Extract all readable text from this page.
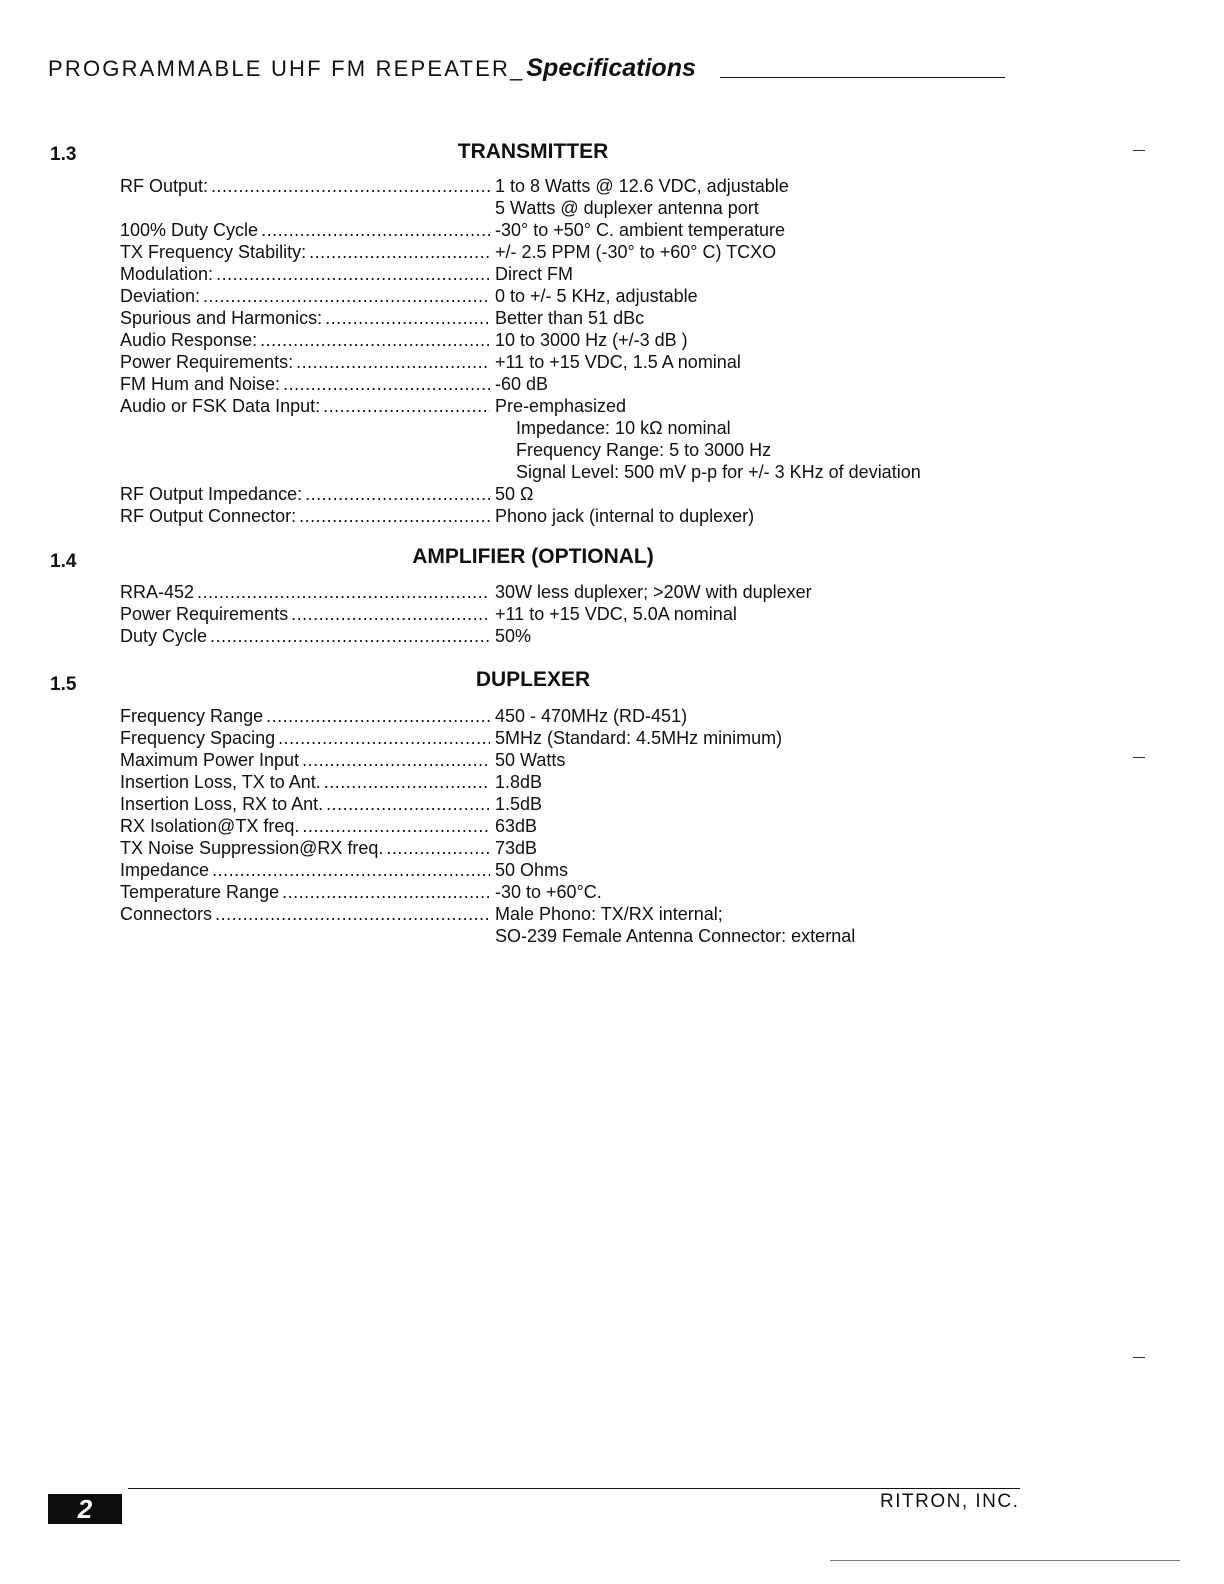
PROGRAMMABLE UHF FM REPEATER_ Specifications
1.3	TRANSMITTER
RF Output: .....	1 to 8 Watts @ 12.6 VDC, adjustable
5 Watts @ duplexer antenna port
100% Duty Cycle .....	-30° to +50° C. ambient temperature
TX Frequency Stability: .....	+/- 2.5 PPM (-30° to +60° C) TCXO
Modulation: .....	Direct FM
Deviation: .....	0 to +/- 5 KHz, adjustable
Spurious and Harmonics: .....	Better than 51 dBc
Audio Response: .....	10 to 3000 Hz (+/-3 dB )
Power Requirements: .....	+11 to +15 VDC, 1.5 A nominal
FM Hum and Noise: .....	-60 dB
Audio or FSK Data Input: .....	Pre-emphasized
Impedance: 10 kΩ nominal
Frequency Range: 5 to 3000 Hz
Signal Level: 500 mV p-p for +/- 3 KHz of deviation
RF Output Impedance: .....	50 Ω
RF Output Connector: .....	Phono jack (internal to duplexer)
1.4	AMPLIFIER (OPTIONAL)
RRA-452 .....	30W less duplexer; >20W with duplexer
Power Requirements .....	+11 to +15 VDC, 5.0A nominal
Duty Cycle .....	50%
1.5	DUPLEXER
Frequency Range .....	450 - 470MHz (RD-451)
Frequency Spacing .....	5MHz (Standard: 4.5MHz minimum)
Maximum Power Input .....	50 Watts
Insertion Loss, TX to Ant. .....	1.8dB
Insertion Loss, RX to Ant. .....	1.5dB
RX Isolation@TX freq. .....	63dB
TX Noise Suppression@RX freq. .....	73dB
Impedance .....	50 Ohms
Temperature Range .....	-30 to +60°C.
Connectors .....	Male Phono: TX/RX internal;
SO-239 Female Antenna Connector: external
2	RITRON, INC.
